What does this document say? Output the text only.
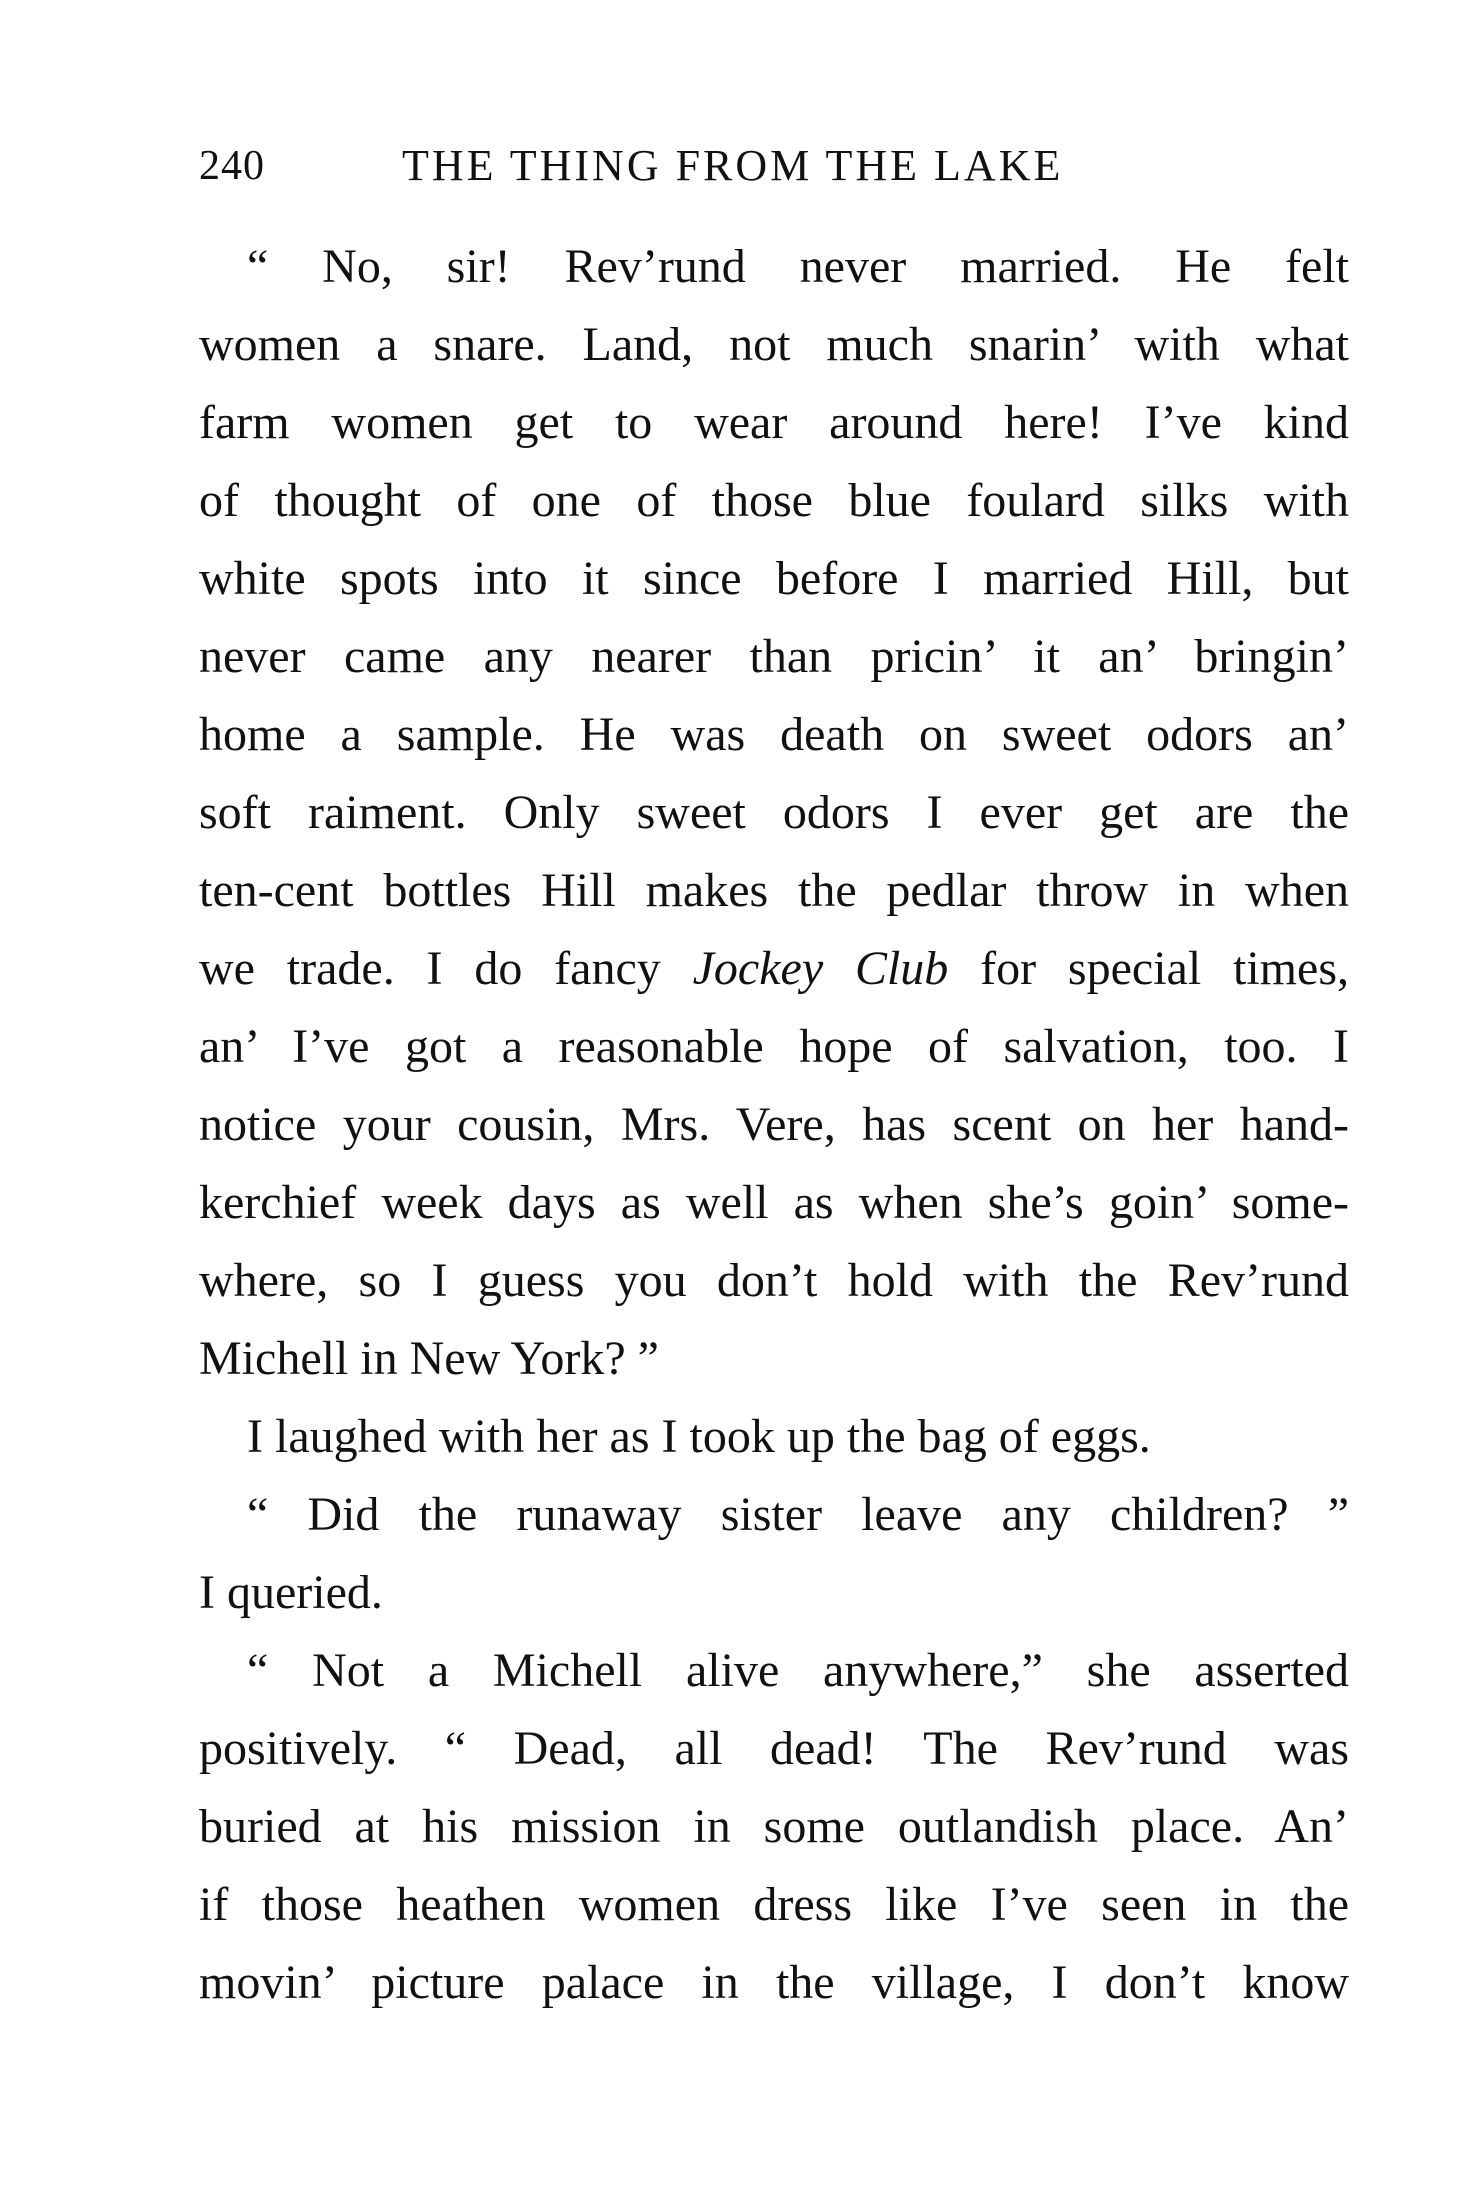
240	THE THING FROM THE LAKE
“ No, sir! Rev’rund never married. He felt
women a snare. Land, not much snarin’ with what
farm women get to wear around here! I’ve kind
of thought of one of those blue foulard silks with
white spots into it since before I married Hill, but
never came any nearer than pricin’ it an’ bringin’
home a sample. He was death on sweet odors an’
soft raiment. Only sweet odors I ever get are the
ten-cent bottles Hill makes the pedlar throw in when
we trade. I do fancy Jockey Club for special times,
an’ I’ve got a reasonable hope of salvation, too. I
notice your cousin, Mrs. Vere, has scent on her hand-
kerchief week days as well as when she’s goin’ some-
where, so I guess you don’t hold with the Rev’rund
Michell in New York? ”
I laughed with her as I took up the bag of eggs.
“ Did the runaway sister leave any children? ”
I queried.
“ Not a Michell alive anywhere,” she asserted
positively. “ Dead, all dead! The Rev’rund was
buried at his mission in some outlandish place. An’
if those heathen women dress like I’ve seen in the
movin’ picture palace in the village, I don’t know
